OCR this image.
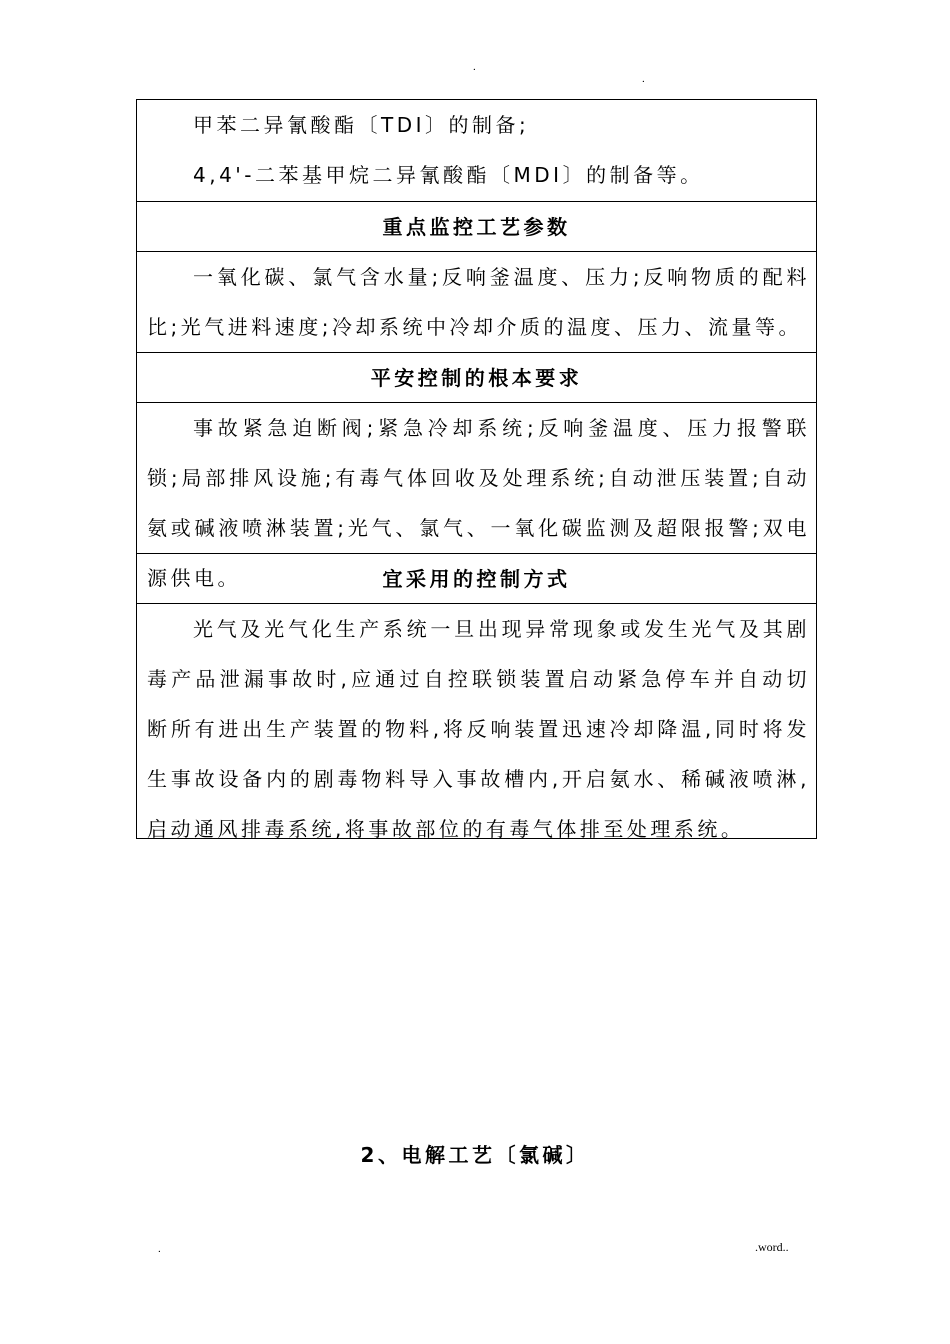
.
.

甲苯二异氰酸酯〔TDI〕的制备;

4,4'-二苯基甲烷二异氰酸酯〔MDI〕的制备等。

重点监控工艺参数

一氧化碳、氯气含水量;反响釜温度、压力;反响物质的配料比;光气进料速度;冷却系统中冷却介质的温度、压力、流量等。

平安控制的根本要求

事故紧急迫断阀;紧急冷却系统;反响釜温度、压力报警联锁;局部排风设施;有毒气体回收及处理系统;自动泄压装置;自动氨或碱液喷淋装置;光气、氯气、一氧化碳监测及超限报警;双电源供电。	宜采用的控制方式

光气及光气化生产系统一旦出现异常现象或发生光气及其剧毒产品泄漏事故时,应通过自控联锁装置启动紧急停车并自动切断所有进出生产装置的物料,将反响装置迅速冷却降温,同时将发生事故设备内的剧毒物料导入事故槽内,开启氨水、稀碱液喷淋,启动通风排毒系统,将事故部位的有毒气体排至处理系统。

2、电解工艺〔氯碱〕
.	.word..
